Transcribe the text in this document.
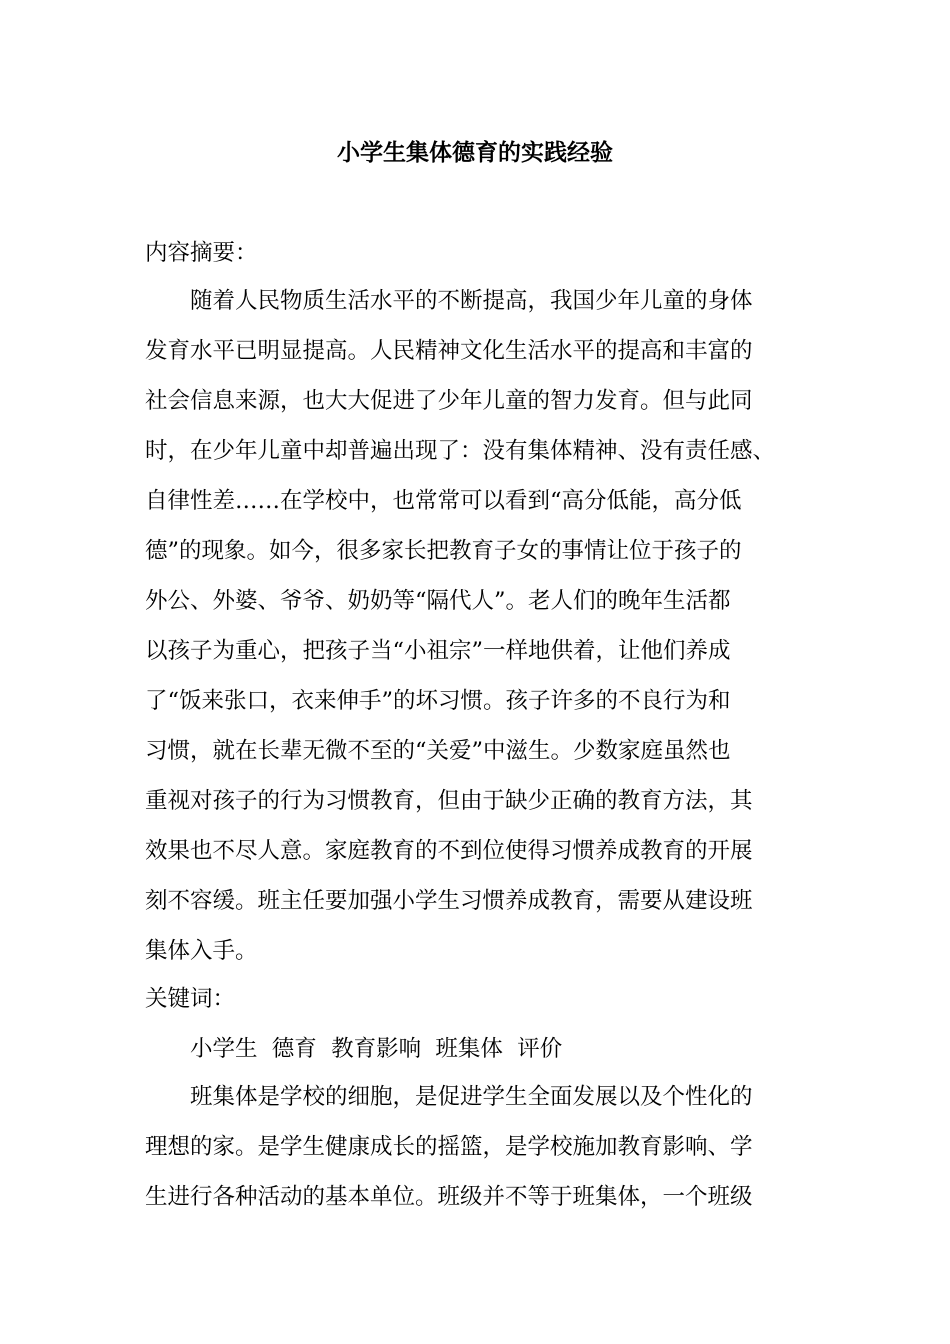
小学生集体德育的实践经验

内容摘要：

随着人民物质生活水平的不断提高，我国少年儿童的身体

发育水平已明显提高。人民精神文化生活水平的提高和丰富的

社会信息来源，也大大促进了少年儿童的智力发育。但与此同

时，在少年儿童中却普遍出现了：没有集体精神、没有责任感、

自律性差……在学校中，也常常可以看到“高分低能，高分低

德”的现象。如今，很多家长把教育子女的事情让位于孩子的

外公、外婆、爷爷、奶奶等“隔代人”。老人们的晚年生活都

以孩子为重心，把孩子当“小祖宗”一样地供着，让他们养成

了“饭来张口，衣来伸手”的坏习惯。孩子许多的不良行为和

习惯，就在长辈无微不至的“关爱”中滋生。少数家庭虽然也

重视对孩子的行为习惯教育，但由于缺少正确的教育方法，其

效果也不尽人意。家庭教育的不到位使得习惯养成教育的开展

刻不容缓。班主任要加强小学生习惯养成教育，需要从建设班

集体入手。

关键词：

小学生  德育  教育影响  班集体  评价

班集体是学校的细胞，是促进学生全面发展以及个性化的

理想的家。是学生健康成长的摇篮，是学校施加教育影响、学

生进行各种活动的基本单位。班级并不等于班集体，一个班级
